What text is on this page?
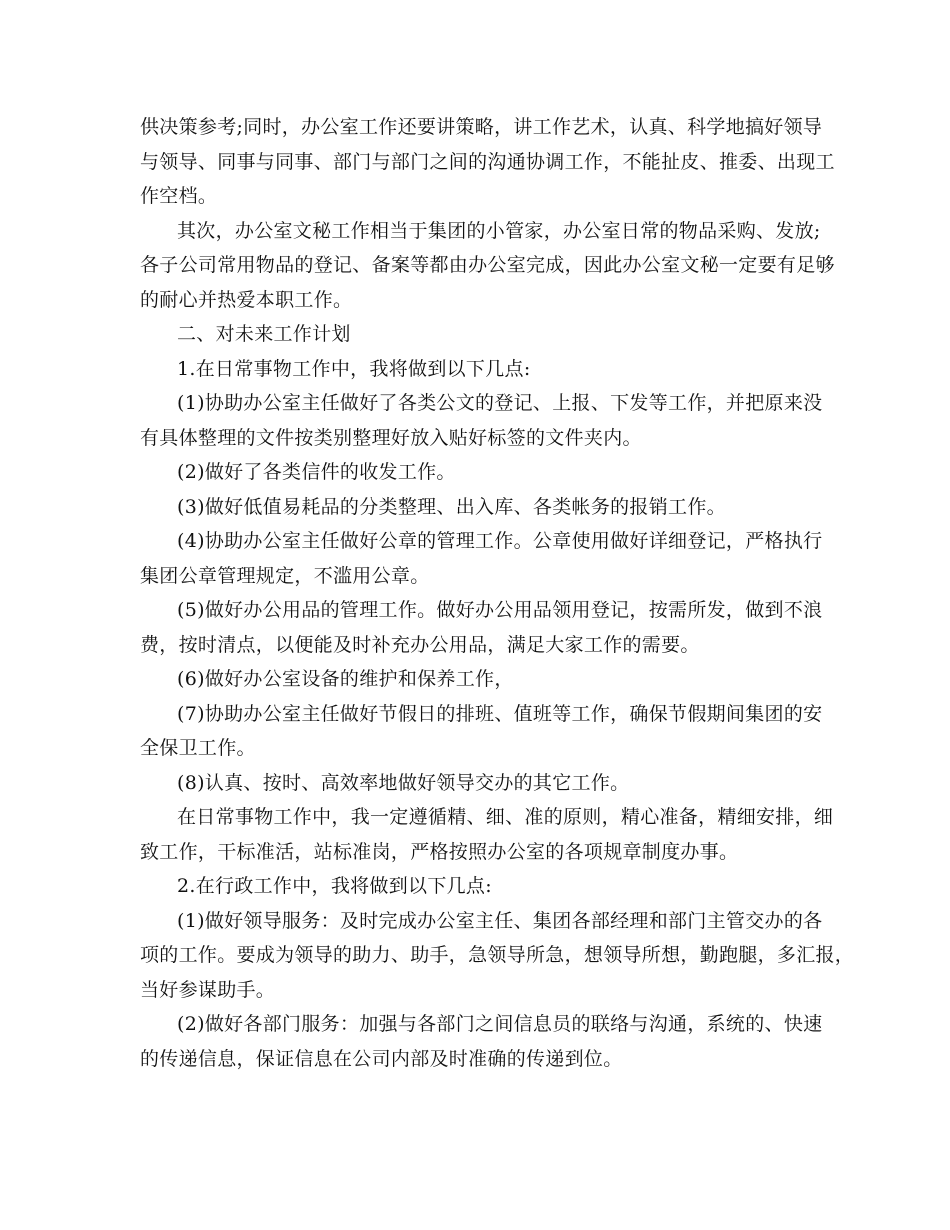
供决策参考;同时，办公室工作还要讲策略，讲工作艺术，认真、科学地搞好领导
与领导、同事与同事、部门与部门之间的沟通协调工作，不能扯皮、推委、出现工
作空档。
其次，办公室文秘工作相当于集团的小管家，办公室日常的物品采购、发放;
各子公司常用物品的登记、备案等都由办公室完成，因此办公室文秘一定要有足够
的耐心并热爱本职工作。
二、对未来工作计划
1.在日常事物工作中，我将做到以下几点:
(1)协助办公室主任做好了各类公文的登记、上报、下发等工作，并把原来没
有具体整理的文件按类别整理好放入贴好标签的文件夹内。
(2)做好了各类信件的收发工作。
(3)做好低值易耗品的分类整理、出入库、各类帐务的报销工作。
(4)协助办公室主任做好公章的管理工作。公章使用做好详细登记，严格执行
集团公章管理规定，不滥用公章。
(5)做好办公用品的管理工作。做好办公用品领用登记，按需所发，做到不浪
费，按时清点，以便能及时补充办公用品，满足大家工作的需要。
(6)做好办公室设备的维护和保养工作，
(7)协助办公室主任做好节假日的排班、值班等工作，确保节假期间集团的安
全保卫工作。
(8)认真、按时、高效率地做好领导交办的其它工作。
在日常事物工作中，我一定遵循精、细、准的原则，精心准备，精细安排，细
致工作，干标准活，站标准岗，严格按照办公室的各项规章制度办事。
2.在行政工作中，我将做到以下几点:
(1)做好领导服务：及时完成办公室主任、集团各部经理和部门主管交办的各
项的工作。要成为领导的助力、助手，急领导所急，想领导所想，勤跑腿，多汇报，
当好参谋助手。
(2)做好各部门服务：加强与各部门之间信息员的联络与沟通，系统的、快速
的传递信息，保证信息在公司内部及时准确的传递到位。
